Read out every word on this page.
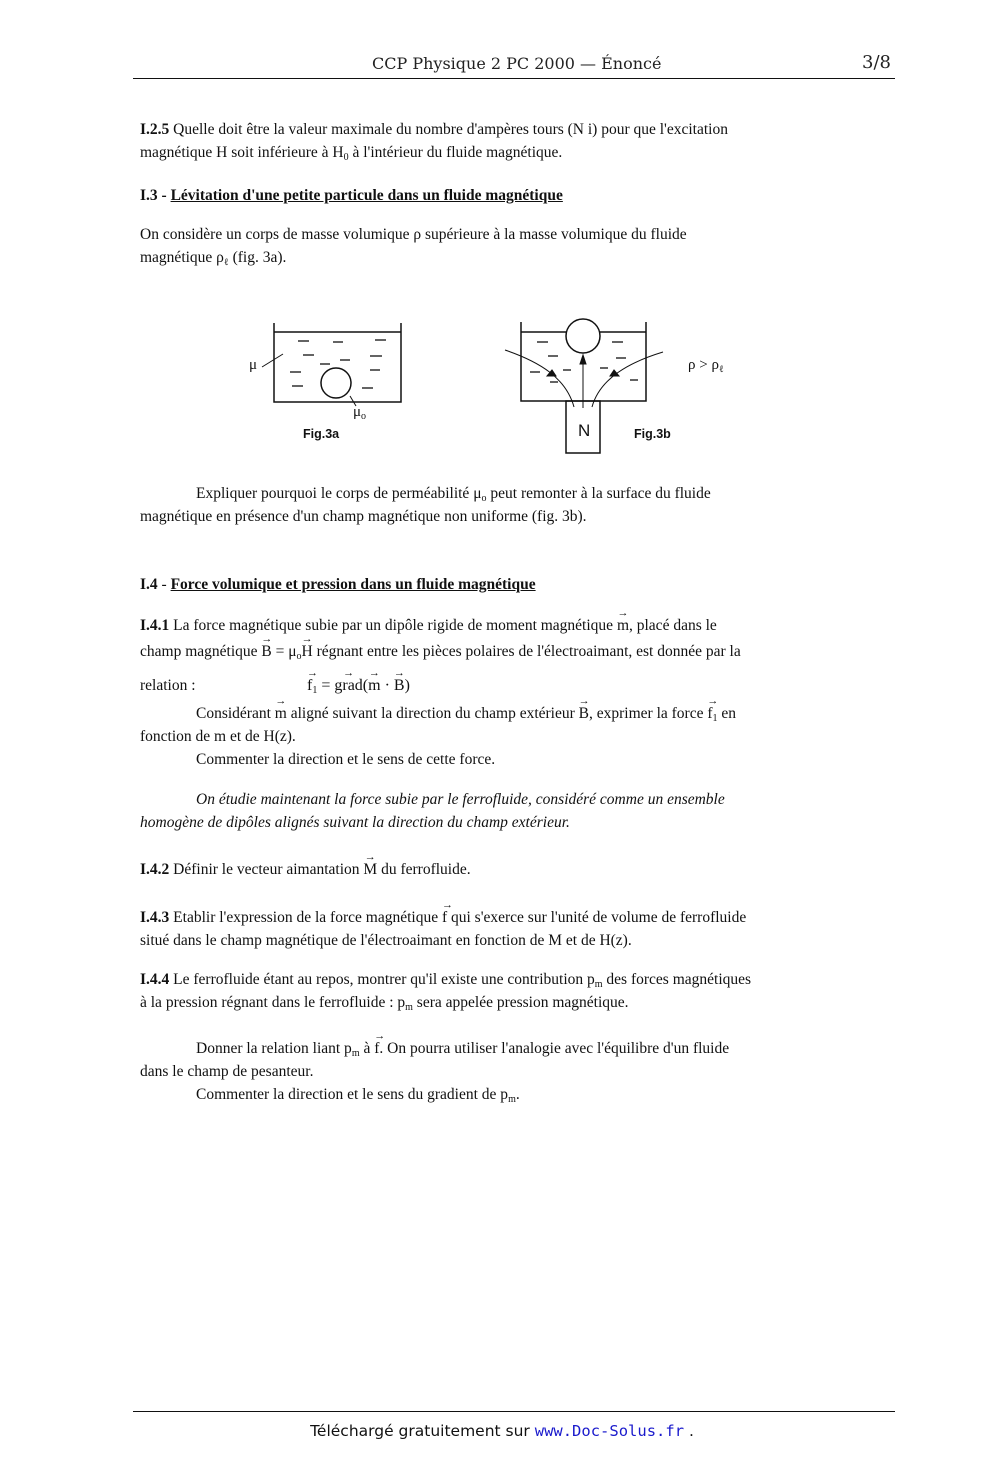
CCP Physique 2 PC 2000 — Énoncé	3/8
I.2.5 Quelle doit être la valeur maximale du nombre d'ampères tours (N i) pour que l'excitation
magnétique H soit inférieure à $H_0$ à l'intérieur du fluide magnétique.
I.3 - Lévitation d'une petite particule dans un fluide magnétique
On considère un corps de masse volumique ρ supérieure à la masse volumique du fluide
magnétique $\rho_\ell$ (fig. 3a).
μ
$\mu_o$
Fig.3a	N	Fig.3b
$\rho > \rho_\ell$
Expliquer pourquoi le corps de perméabilité $\mu_o$ peut remonter à la surface du fluide
magnétique en présence d'un champ magnétique non uniforme (fig. 3b).
I.4 - Force volumique et pression dans un fluide magnétique
I.4.1 La force magnétique subie par un dipôle rigide de moment magnétique → m, placé dans le
champ magnétique → $B = \mu_o\to H$ régnant entre les pièces polaires de l'électroaimant, est donnée par la
relation :
→	$f_1$ = → grad(→ m · → B)
Considérant → m aligné suivant la direction du champ extérieur → B, exprimer la force → $f_1$ en
fonction de m et de H(z).
Commenter la direction et le sens de cette force.
On étudie maintenant la force subie par le ferrofluide, considéré comme un ensemble
homogène de dipôles alignés suivant la direction du champ extérieur.
I.4.2 Définir le vecteur aimantation → M du ferrofluide.
I.4.3 Etablir l'expression de la force magnétique → f qui s'exerce sur l'unité de volume de ferrofluide
situé dans le champ magnétique de l'électroaimant en fonction de M et de H(z).
I.4.4 Le ferrofluide étant au repos, montrer qu'il existe une contribution $p_m$ des forces magnétiques
à la pression régnant dans le ferrofluide : $p_m$ sera appelée pression magnétique.
Donner la relation liant $p_m$ à → f. On pourra utiliser l'analogie avec l'équilibre d'un fluide
dans le champ de pesanteur.
Commenter la direction et le sens du gradient de $p_m$.
Téléchargé gratuitement sur www.Doc-Solus.fr .
